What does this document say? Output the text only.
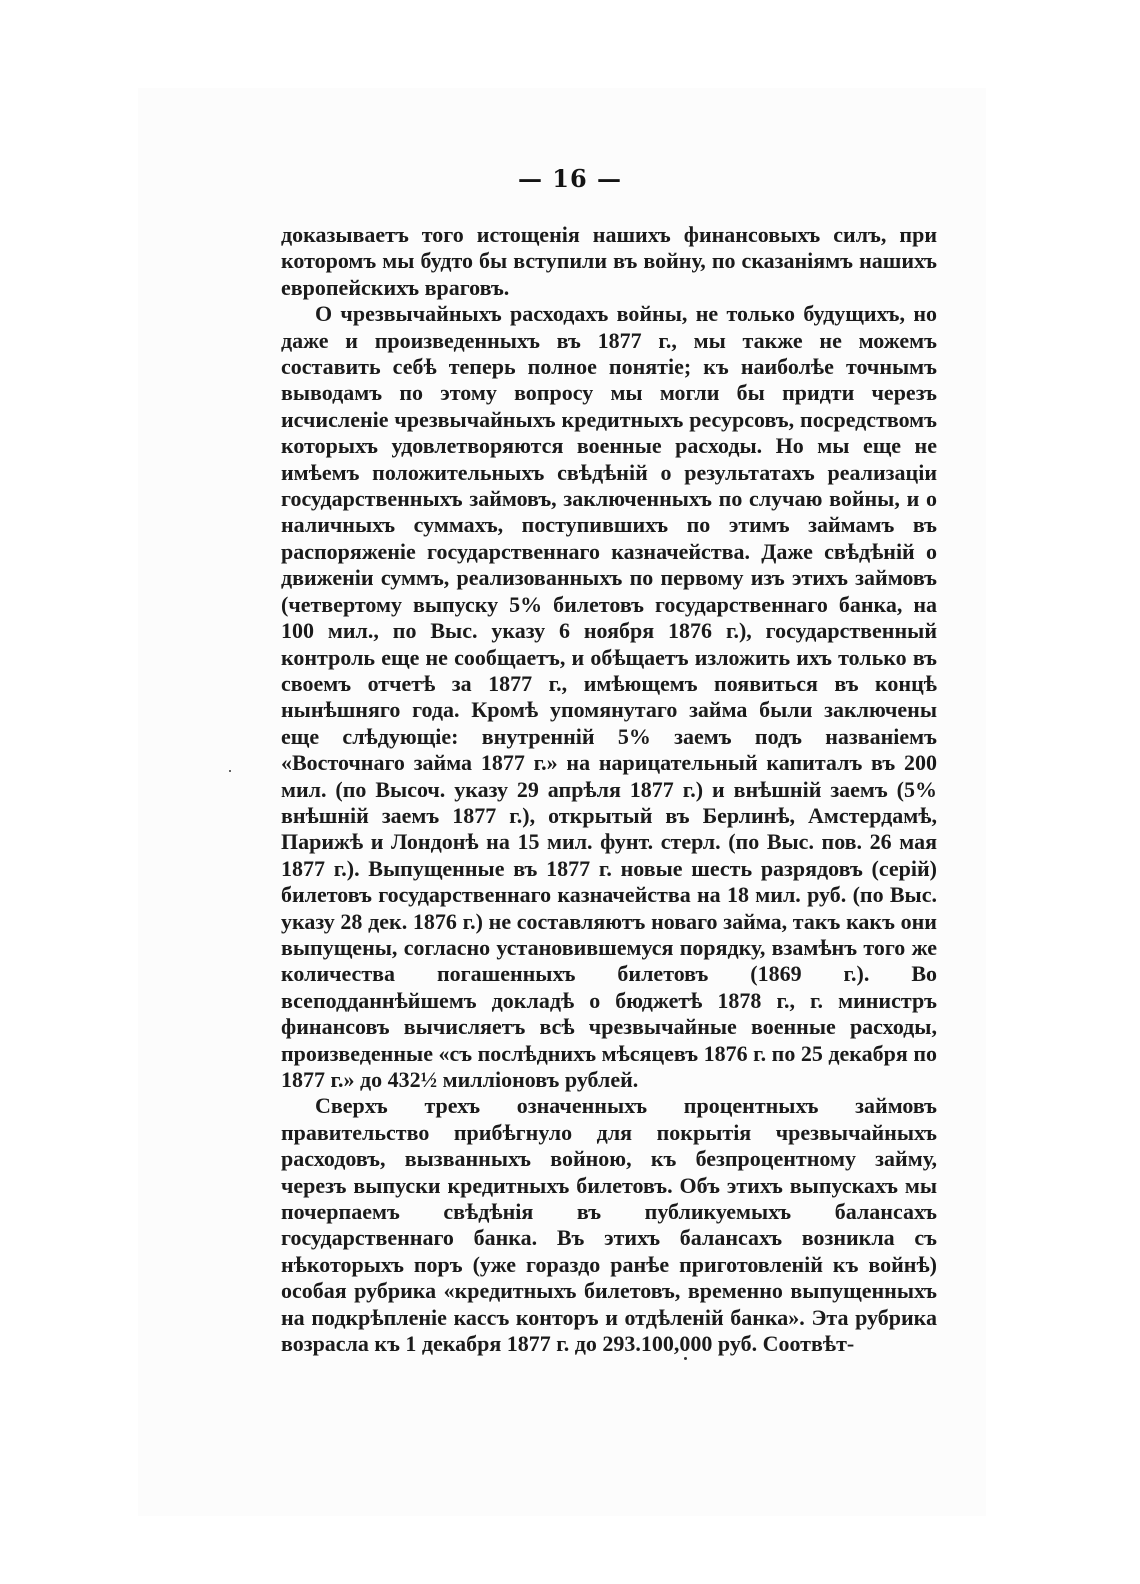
— 16 —

доказываетъ того истощенія нашихъ финансовыхъ силъ, при которомъ мы будто бы вступили въ войну, по сказаніямъ нашихъ европейскихъ враговъ.

О чрезвычайныхъ расходахъ войны, не только будущихъ, но даже и произведенныхъ въ 1877 г., мы также не можемъ составить себѣ теперь полное понятіе; къ наиболѣе точнымъ выводамъ по этому вопросу мы могли бы придти черезъ исчисленіе чрезвычайныхъ кредитныхъ ресурсовъ, посредствомъ которыхъ удовлетворяются военные расходы. Но мы еще не имѣемъ положительныхъ свѣдѣній о результатахъ реализаціи государственныхъ займовъ, заключенныхъ по случаю войны, и о наличныхъ суммахъ, поступившихъ по этимъ займамъ въ распоряженіе государственнаго казначейства. Даже свѣдѣній о движеніи суммъ, реализованныхъ по первому изъ этихъ займовъ (четвертому выпуску 5% билетовъ государственнаго банка, на 100 мил., по Выс. указу 6 ноября 1876 г.), государственный контроль еще не сообщаетъ, и обѣщаетъ изложить ихъ только въ своемъ отчетѣ за 1877 г., имѣющемъ появиться въ концѣ нынѣшняго года. Кромѣ упомянутаго займа были заключены еще слѣдующіе: внутренній 5% заемъ подъ названіемъ «Восточнаго займа 1877 г.» на нарицательный капиталъ въ 200 мил. (по Высоч. указу 29 апрѣля 1877 г.) и внѣшній заемъ (5% внѣшній заемъ 1877 г.), открытый въ Берлинѣ, Амстердамѣ, Парижѣ и Лондонѣ на 15 мил. фунт. стерл. (по Выс. пов. 26 мая 1877 г.). Выпущенные въ 1877 г. новые шесть разрядовъ (серій) билетовъ государственнаго казначейства на 18 мил. руб. (по Выс. указу 28 дек. 1876 г.) не составляютъ новаго займа, такъ какъ они выпущены, согласно установившемуся порядку, взамѣнъ того же количества погашенныхъ билетовъ (1869 г.). Во всеподданнѣйшемъ докладѣ о бюджетѣ 1878 г., г. министръ финансовъ вычисляетъ всѣ чрезвычайные военные расходы, произведенные «съ послѣднихъ мѣсяцевъ 1876 г. по 25 декабря по 1877 г.» до 432½ милліоновъ рублей.

Сверхъ трехъ означенныхъ процентныхъ займовъ правительство прибѣгнуло для покрытія чрезвычайныхъ расходовъ, вызванныхъ войною, къ безпроцентному займу, черезъ выпуски кредитныхъ билетовъ. Объ этихъ выпускахъ мы почерпаемъ свѣдѣнія въ публикуемыхъ балансахъ государственнаго банка. Въ этихъ балансахъ возникла съ нѣкоторыхъ поръ (уже гораздо ранѣе приготовленій къ войнѣ) особая рубрика «кредитныхъ билетовъ, временно выпущенныхъ на подкрѣпленіе кассъ конторъ и отдѣленій банка». Эта рубрика возрасла къ 1 декабря 1877 г. до 293.100,000 руб. Соотвѣт-
